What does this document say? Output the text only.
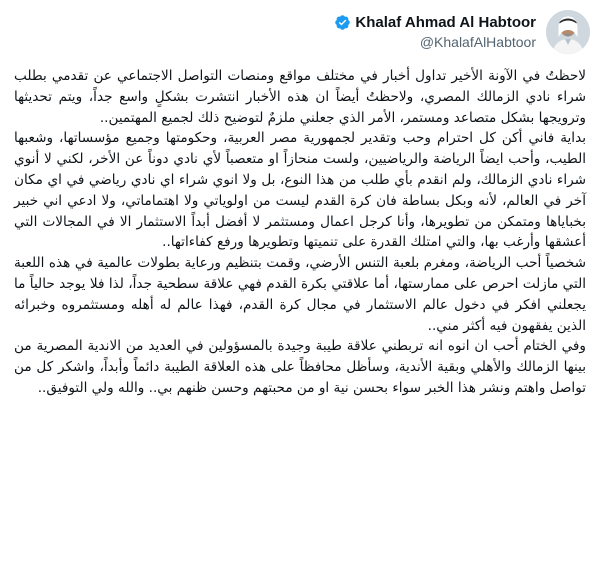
Khalaf Ahmad Al Habtoor
@KhalafAlHabtoor

لاحظتُ في الآونة الأخير تداول أخبار في مختلف مواقع ومنصات التواصل الاجتماعي عن تقدمي بطلب شراء نادي الزمالك المصري، ولاحظتُ أيضاً ان هذه الأخبار انتشرت بشكلٍ واسع جداً، ويتم تحديثها وترويجها بشكل متصاعد ومستمر، الأمر الذي جعلني ملزمٌ لتوضيح ذلك لجميع المهتمين..

بداية فاني أكن كل احترام وحب وتقدير لجمهورية مصر العربية، وحكومتها وجميع مؤسساتها، وشعبها الطيب، وأحب ايضاً الرياضة والرياضيين، ولست منحازاً او متعصباً لأي نادي دوناً عن الأخر، لكني لا أنوي شراء نادي الزمالك، ولم انقدم بأي طلب من هذا النوع، بل ولا انوي شراء اي نادي رياضي في اي مكان آخر في العالم، لأنه وبكل بساطة فان كرة القدم ليست من اولوياتي ولا اهتماماتي، ولا ادعي اني خبير بخباياها ومتمكن من تطويرها، وأنا كرجل اعمال ومستثمر لا أفضل أبداً الاستثمار الا في المجالات التي أعشقها وأرغب بها، والتي امتلك القدرة على تنميتها وتطويرها ورفع كفاءاتها..

شخصياً أحب الرياضة، ومغرم بلعبة التنس الأرضي، وقمت بتنظيم ورعاية بطولات عالمية في هذه اللعبة التي مازلت احرص على ممارستها، أما علاقتي بكرة القدم فهي علاقة سطحية جداً، لذا فلا يوجد حالياً ما يجعلني افكر في دخول عالم الاستثمار في مجال كرة القدم، فهذا عالم له أهله ومستثمروه وخبرائه الذين يفقهون فيه أكثر مني..

وفي الختام أحب ان انوه انه تربطني علاقة طيبة وجيدة بالمسؤولين في العديد من الاندية المصرية من بينها الزمالك والأهلي وبقية الأندية، وسأظل محافظاً على هذه العلاقة الطيبة دائماً وأبداً، واشكر كل من تواصل واهتم ونشر هذا الخبر سواء بحسن نية او من محبتهم وحسن ظنهم بي.. والله ولي التوفيق..
